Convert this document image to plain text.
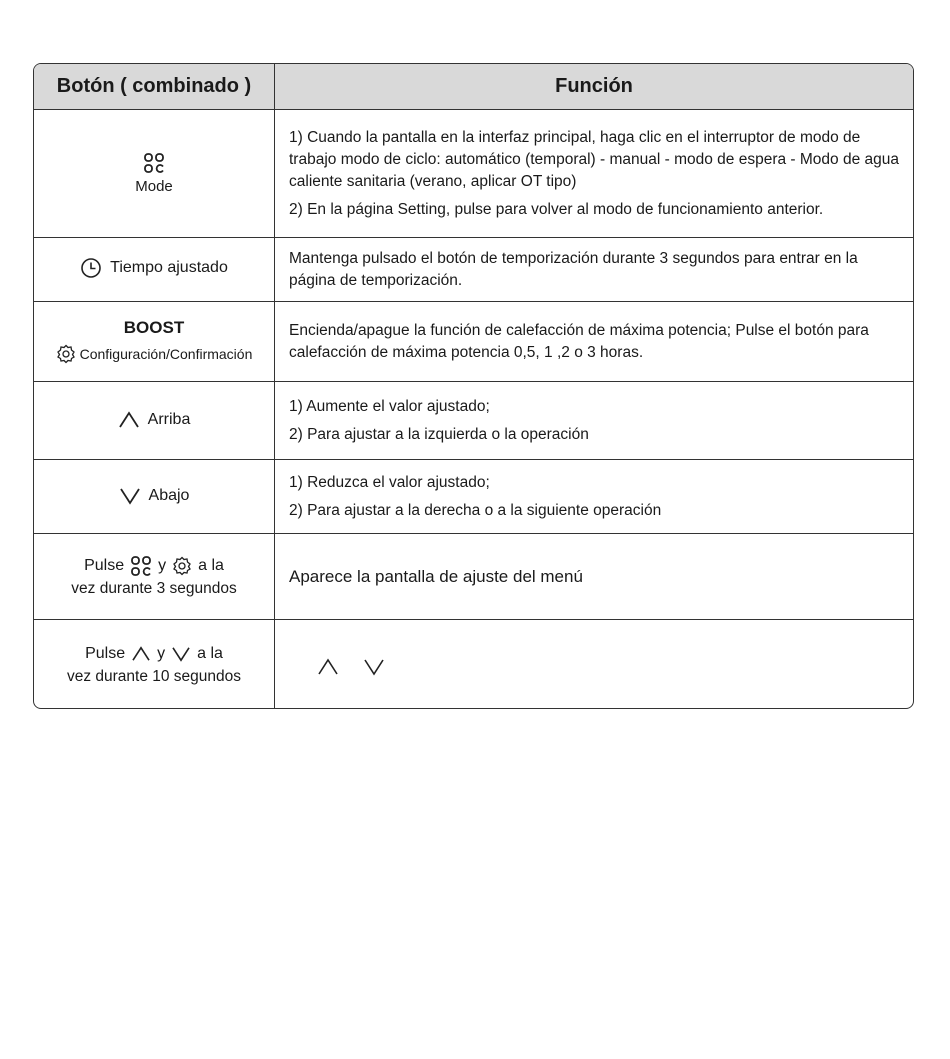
Botón ( combinado )	Función

Mode	1) Cuando la pantalla en la interfaz principal, haga clic en el interruptor de modo de trabajo modo de ciclo: automático (temporal) - manual - modo de espera - Modo de agua caliente sanitaria (verano, aplicar OT tipo)

2) En la página Setting, pulse para volver al modo de funcionamiento anterior.

Tiempo ajustado	Mantenga pulsado el botón de temporización durante 3 segundos para entrar en la página de temporización.

BOOST
Configuración/Confirmación	Encienda/apague la función de calefacción de máxima potencia; Pulse el botón para calefacción de máxima potencia 0,5, 1 ,2 o 3 horas.

Arriba	1) Aumente el valor ajustado;

2) Para ajustar a la izquierda o la operación

Abajo	1) Reduzca el valor ajustado;

2) Para ajustar a la derecha o a la siguiente operación

Pulse y a la
vez durante 3 segundos	Aparece la pantalla de ajuste del menú

Pulse y a la
vez durante 10 segundos
